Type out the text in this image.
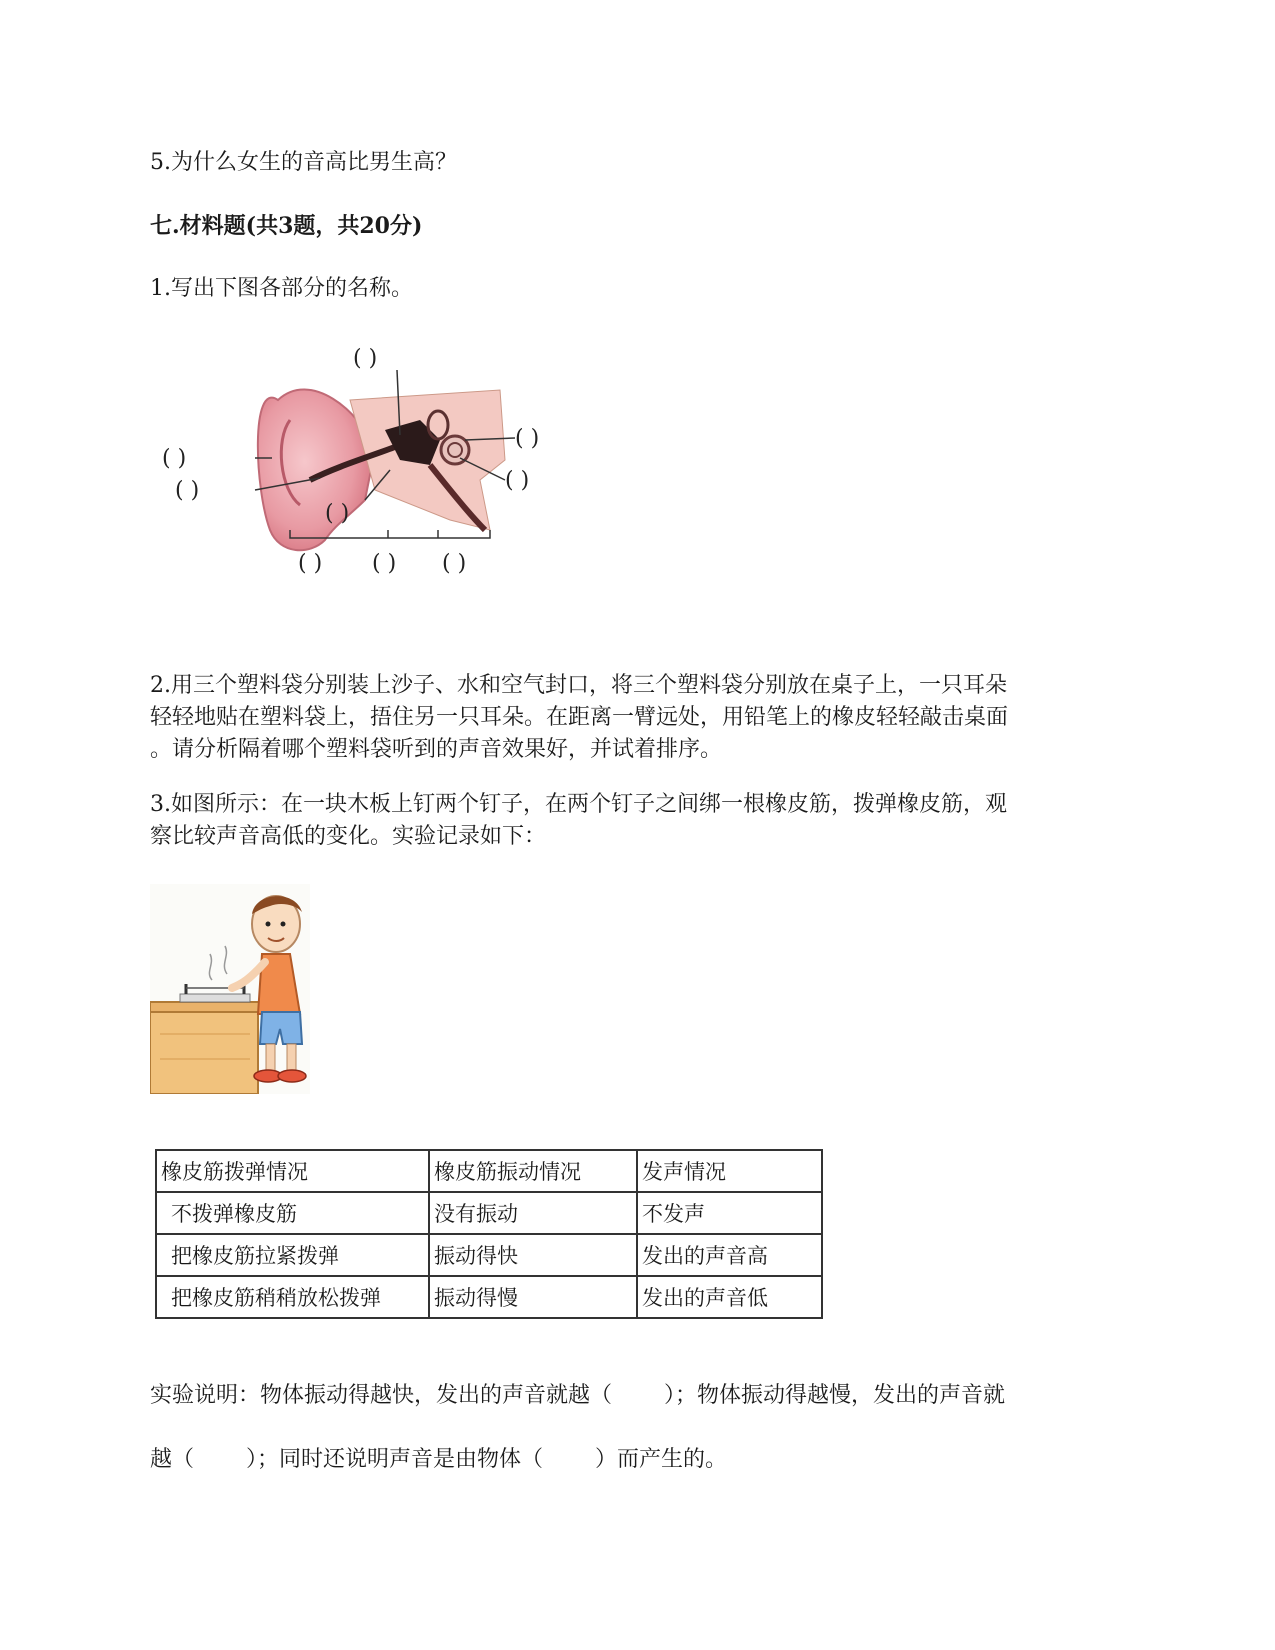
5.为什么女生的音高比男生高？

七.材料题(共3题，共20分)

1.写出下图各部分的名称。

( )
( )
( )
( )
( )
( )
( ) ( ) ( )

2.用三个塑料袋分别装上沙子、水和空气封口，将三个塑料袋分别放在桌子上，一只耳朵

轻轻地贴在塑料袋上，捂住另一只耳朵。在距离一臂远处，用铅笔上的橡皮轻轻敲击桌面

。请分析隔着哪个塑料袋听到的声音效果好，并试着排序。

3.如图所示：在一块木板上钉两个钉子，在两个钉子之间绑一根橡皮筋，拨弹橡皮筋，观

察比较声音高低的变化。实验记录如下：

橡皮筋拨弹情况	橡皮筋振动情况	发声情况
不拨弹橡皮筋	没有振动	不发声
把橡皮筋拉紧拨弹	振动得快	发出的声音高
把橡皮筋稍稍放松拨弹	振动得慢	发出的声音低

实验说明：物体振动得越快，发出的声音就越（ ）；物体振动得越慢，发出的声音就

越（ ）；同时还说明声音是由物体（ ）而产生的。
